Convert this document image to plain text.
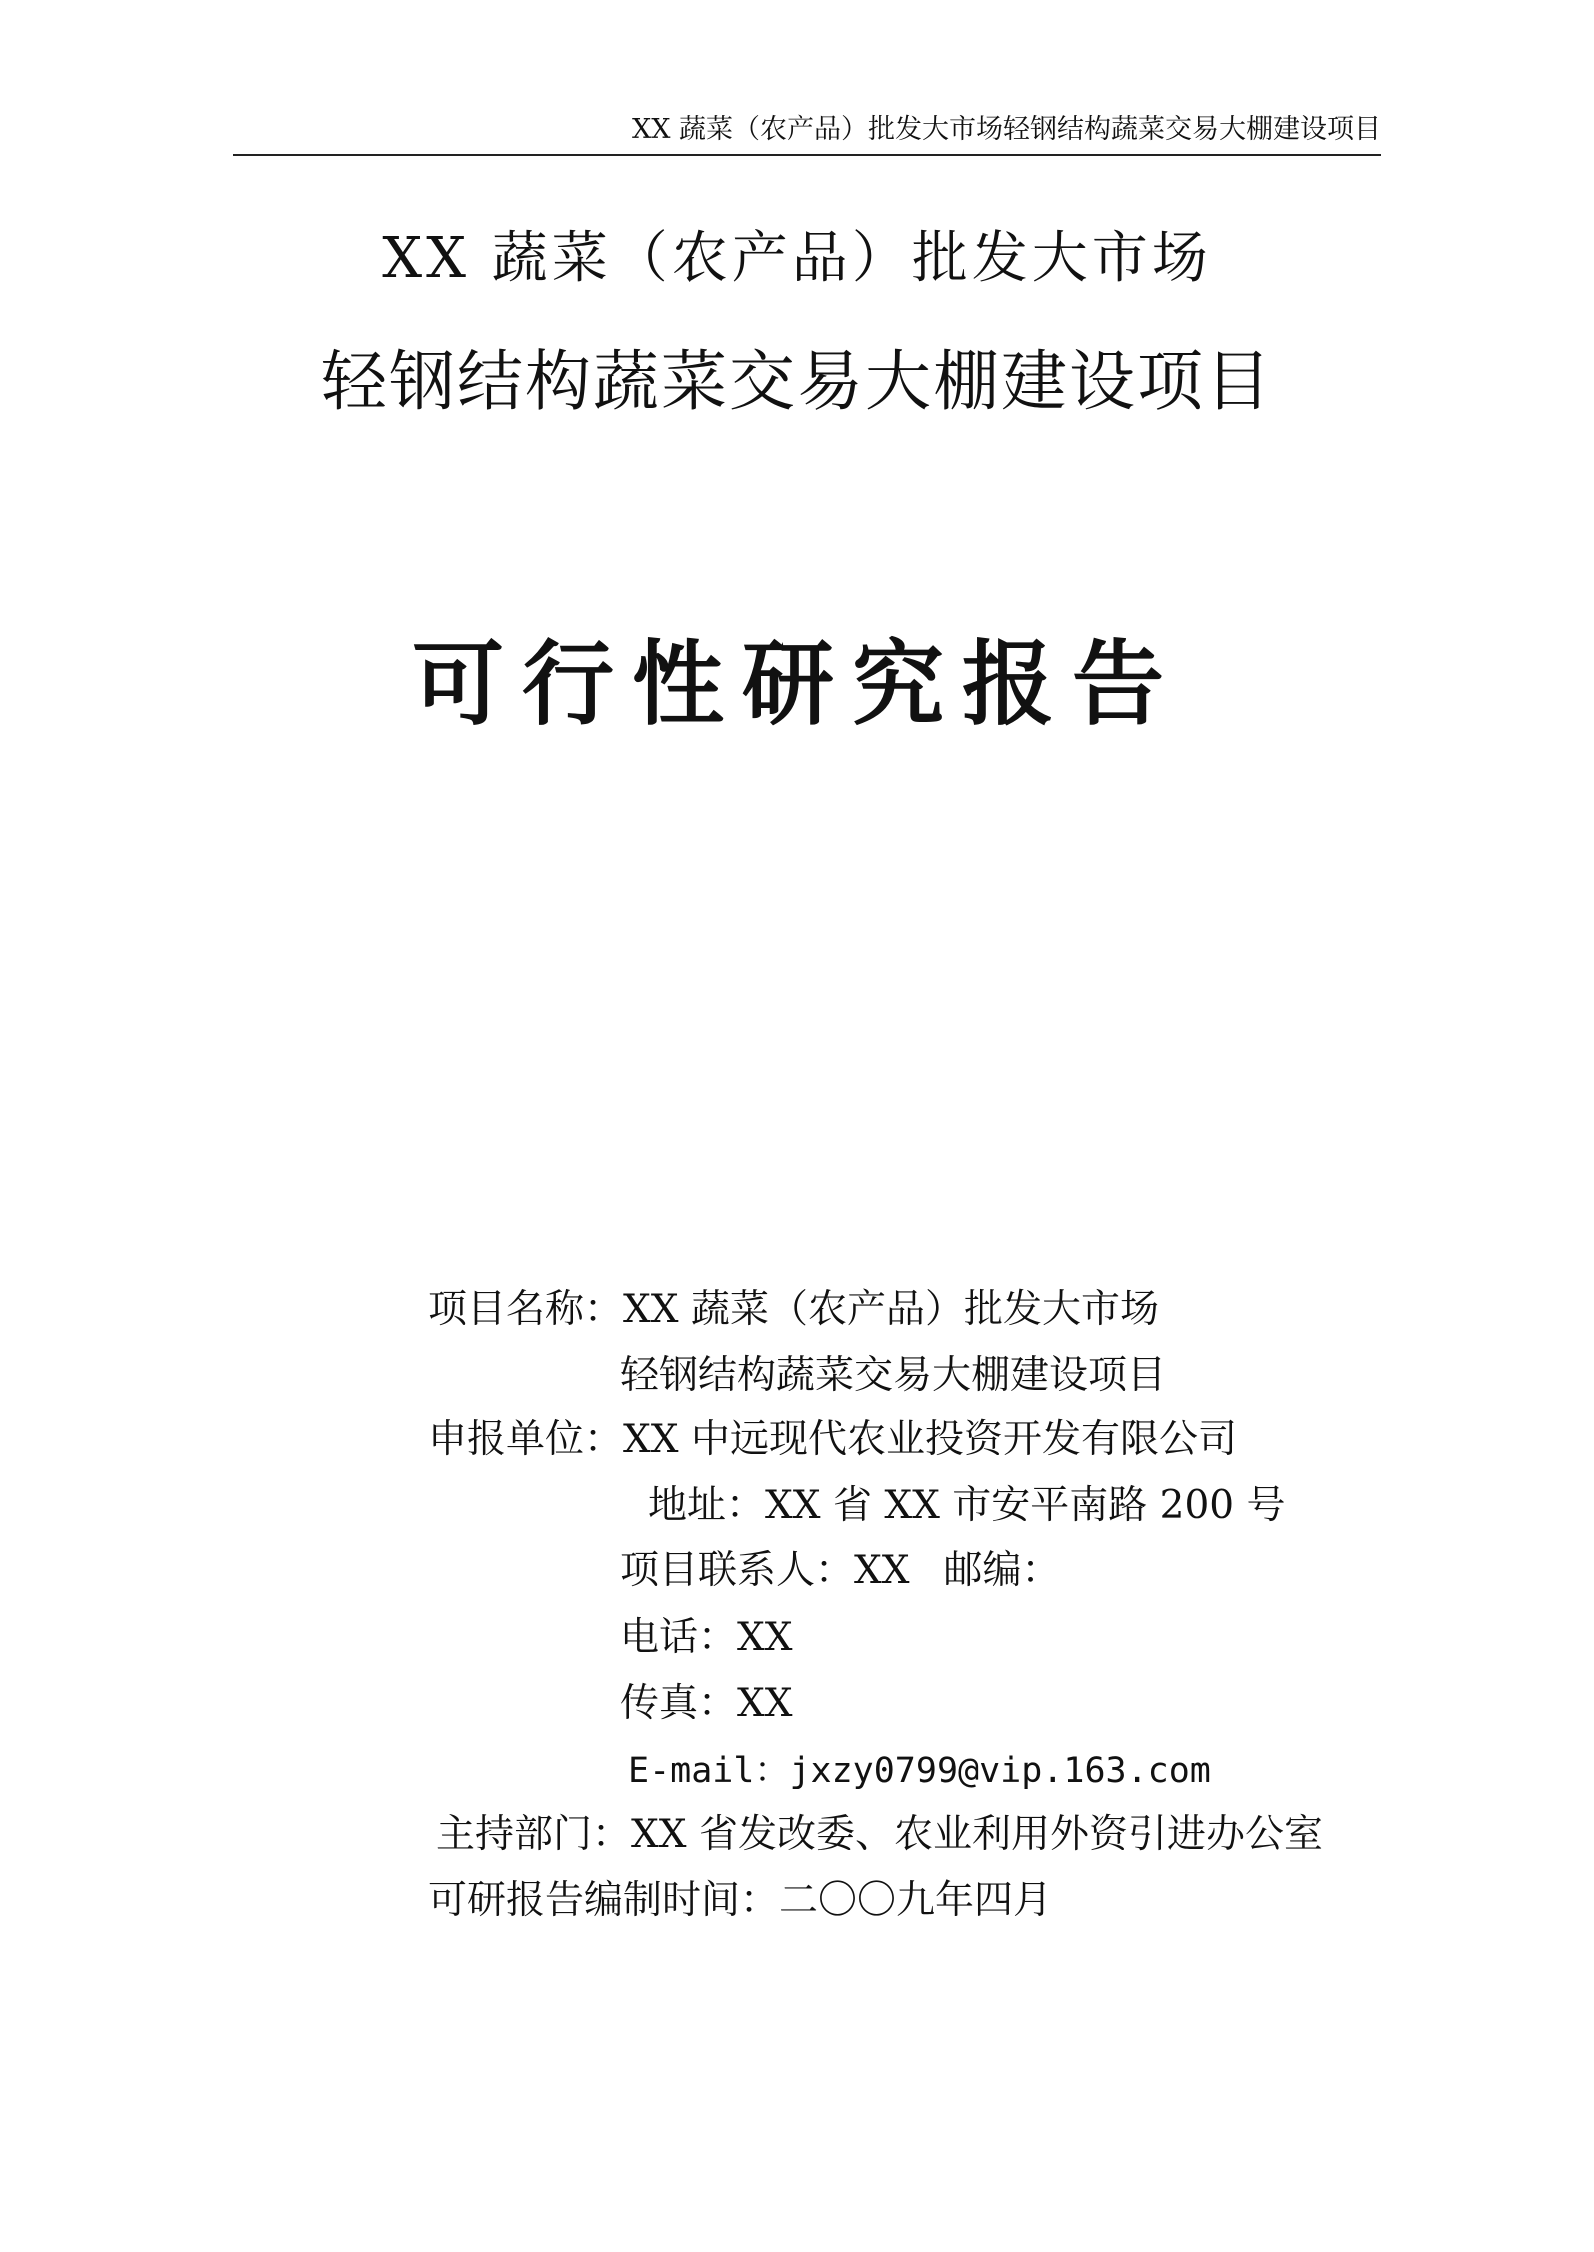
XX 蔬菜（农产品）批发大市场轻钢结构蔬菜交易大棚建设项目
XX 蔬菜（农产品）批发大市场
轻钢结构蔬菜交易大棚建设项目
可行性研究报告
项目名称：XX 蔬菜（农产品）批发大市场
轻钢结构蔬菜交易大棚建设项目
申报单位：XX 中远现代农业投资开发有限公司
地址：XX 省 XX 市安平南路 200 号
项目联系人：XX 邮编：
电话：XX
传真：XX
E-mail：jxzy0799@vip.163.com
主持部门：XX 省发改委、农业利用外资引进办公室
可研报告编制时间：二〇〇九年四月
